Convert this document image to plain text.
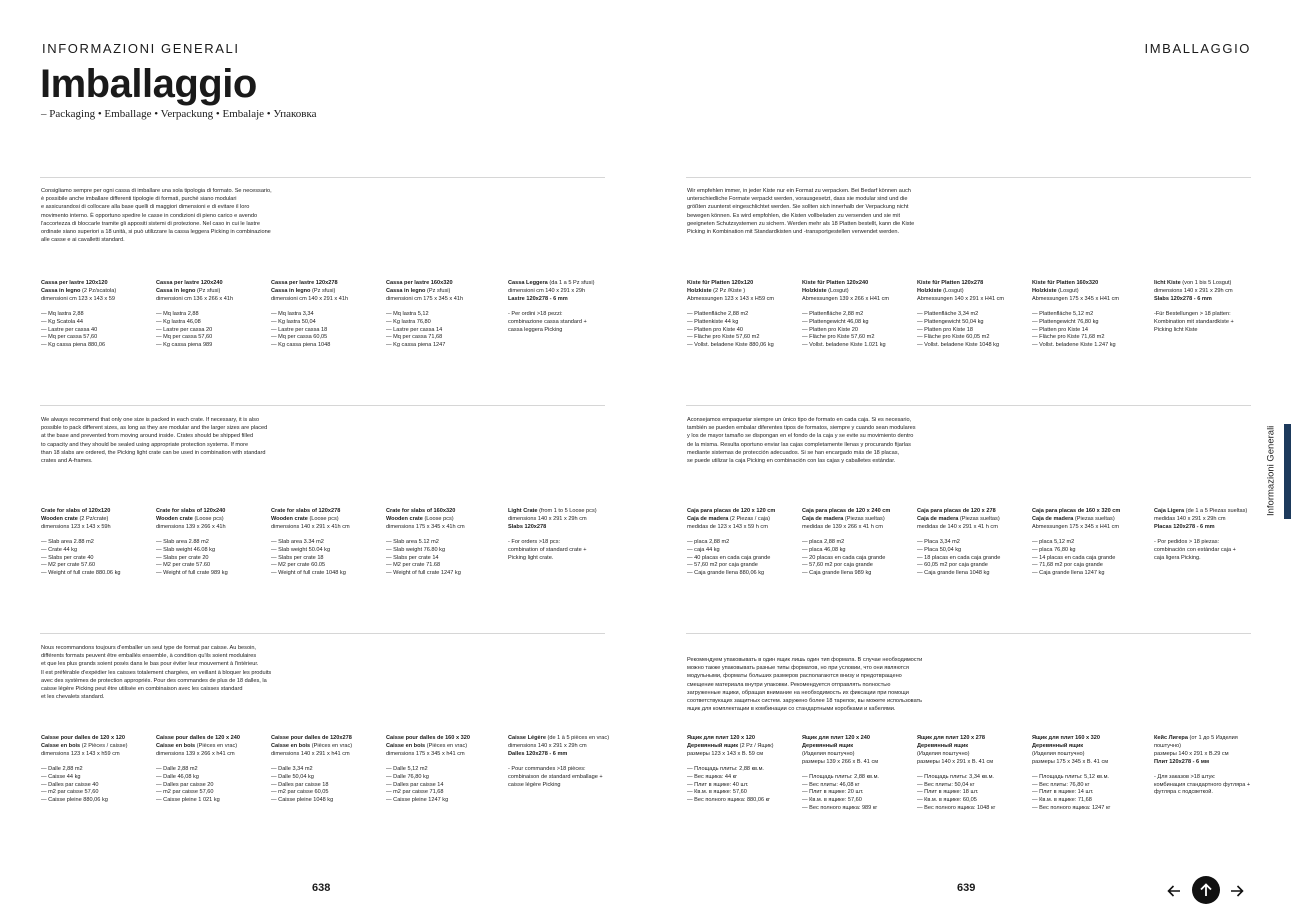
INFORMAZIONI GENERALI	IMBALLAGGIO
Imballaggio
– Packaging • Emballage • Verpackung • Embalaje • Упаковка
Consigliamo sempre per ogni cassa di imballare una sola tipologia di formato. Se necessario,
è possibile anche imballare differenti tipologie di formati, purché siano modulari
e assicurandosi di collocare alla base quelli di maggiori dimensioni e di evitare il loro
movimento interno. È opportuno spedire le casse in condizioni di pieno carico e avendo
l'accortezza di bloccarle tramite gli appositi sistemi di protezione. Nel caso in cui le lastre
ordinate siano superiori a 18 unità, si può utilizzare la cassa leggera Picking in combinazione
alle casse e ai cavalletti standard.
Cassa per lastre 120x120
Cassa in legno (2 Pz/scatola)
dimensioni cm 123 x 143 x 59
— Mq lastra 2,88
— Kg Scatola 44
— Lastre per cassa 40
— Mq per cassa 57,60
— Kg cassa piena 880,06
Cassa per lastre 120x240
Cassa in legno (Pz sfusi)
dimensioni cm 136 x 266 x 41h
— Mq lastra 2,88
— Kg lastra 46,08
— Lastre per cassa 20
— Mq per cassa 57,60
— Kg cassa piena 989
Cassa per lastre 120x278
Cassa in legno (Pz sfusi)
dimensioni cm 140 x 291 x 41h
— Mq lastra 3,34
— Kg lastra 50,04
— Lastre per cassa 18
— Mq per cassa 60,05
— Kg cassa piena 1048
Cassa per lastre 160x320
Cassa in legno (Pz sfusi)
dimensioni cm 175 x 345 x 41h
— Mq lastra 5,12
— Kg lastra 76,80
— Lastre per cassa 14
— Mq per cassa 71,68
— Kg cassa piena 1247
Cassa Leggera (da 1 a 5 Pz sfusi)
dimensioni cm 140 x 291 x 29h
Lastre 120x278 - 6 mm
- Per ordini >18 pezzi:
combinazione cassa standard +
cassa leggera Picking
Wir empfehlen immer, in jeder Kiste nur ein Format zu verpacken. Bei Bedarf können auch
unterschiedliche Formate verpackt werden, vorausgesetzt, dass sie modular sind und die
größten zuunterst eingeschlichtet werden. Sie sollten sich innerhalb der Verpackung nicht
bewegen können. Es wird empfohlen, die Kisten vollbeladen zu versenden und sie mit
geeigneten Schutzsystemen zu sichern. Werden mehr als 18 Platten bestellt, kann die Kiste
Picking in Kombination mit Standardkisten und -transportgestellen verwendet werden.
Kiste für Platten 120x120
Holzkiste (2 Pz /Kiste )
Abmessungen 123 x 143 x H59 cm
— Plattenfläche 2,88 m2
— Plattenkiste 44 kg
— Platten pro Kiste 40
— Fläche pro Kiste 57,60 m2
— Vollst. beladene Kiste 880,06 kg
Kiste für Platten 120x240
Holzkiste (Losgut)
Abmessungen 139 x 266 x H41 cm
— Plattenfläche 2,88 m2
— Plattengewicht 46,08 kg
— Platten pro Kiste 20
— Fläche pro Kiste 57,60 m2
— Vollst. beladene Kiste 1.021 kg
Kiste für Platten 120x278
Holzkiste (Losgut)
Abmessungen 140 x 291 x H41 cm
— Plattenfläche 3,34 m2
— Plattengewicht 50,04 kg
— Platten pro Kiste 18
— Fläche pro Kiste 60,05 m2
— Vollst. beladene Kiste 1048 kg
Kiste für Platten 160x320
Holzkiste (Losgut)
Abmessungen 175 x 345 x H41 cm
— Plattenfläche 5,12 m2
— Plattengewicht 76,80 kg
— Platten pro Kiste 14
— Fläche pro Kiste 71,68 m2
— Vollst. beladene Kiste 1.247 kg
licht Kiste (von 1 bis 5 Losgut)
dimensions 140 x 291 x 29h cm
Slabs 120x278 - 6 mm
-Für Bestellungen > 18 platten:
Kombination mit standardkiste +
Picking licht Kiste
We always recommend that only one size is packed in each crate. If necessary, it is also
possible to pack different sizes, as long as they are modular and the larger sizes are placed
at the base and prevented from moving around inside. Crates should be shipped filled
to capacity and they should be sealed using appropriate protection systems. If more
than 18 slabs are ordered, the Picking light crate can be used in combination with standard
crates and A-frames.
Crate for slabs of 120x120
Wooden crate (2 Pz/crate)
dimensions 123 x 143 x 59h
— Slab area 2.88 m2
— Crate 44 kg
— Slabs per crate 40
— M2 per crate 57.60
— Weight of full crate 880.06 kg
Crate for slabs of 120x240
Wooden crate (Loose pcs)
dimensions 139 x 266 x 41h
— Slab area 2.88 m2
— Slab weight 46.08 kg
— Slabs per crate 20
— M2 per crate 57.60
— Weight of full crate 989 kg
Crate for slabs of 120x278
Wooden crate (Loose pcs)
dimensions 140 x 291 x 41h cm
— Slab area 3.34 m2
— Slab weight 50.04 kg
— Slabs per crate 18
— M2 per crate 60.05
— Weight of full crate 1048 kg
Crate for slabs of 160x320
Wooden crate (Loose pcs)
dimensions 175 x 345 x 41h cm
— Slab area 5.12 m2
— Slab weight 76.80 kg
— Slabs per crate 14
— M2 per crate 71.68
— Weight of full crate 1247 kg
Light Crate (from 1 to 5 Loose pcs)
dimensions 140 x 291 x 29h cm
Slabs 120x278
- For orders >18 pcs:
combination of standard crate +
Picking light crate.
Aconsejamos empaquetar siempre un único tipo de formato en cada caja. Si es necesario,
también se pueden embalar diferentes tipos de formatos, siempre y cuando sean modulares
y los de mayor tamaño se dispongan en el fondo de la caja y se evite su movimiento dentro
de la misma. Resulta oportuno enviar las cajas completamente llenas y procurando fijarlas
mediante sistemas de protección adecuados. Si se han encargado más de 18 placas,
se puede utilizar la caja Picking en combinación con las cajas y caballetes estándar.
Caja para placas de 120 x 120 cm
Caja de madera (2 Piezas / caja)
medidas de 123 x 143 x 59 h cm
— placa 2,88 m2
— caja 44 kg
— 40 placas en cada caja grande
— 57,60 m2 por caja grande
— Caja grande llena 880,06 kg
Caja para placas de 120 x 240 cm
Caja de madera (Piezas sueltas)
medidas de 139 x 266 x 41 h cm
— placa 2,88 m2
— placa 46,08 kg
— 20 placas en cada caja grande
— 57,60 m2 por caja grande
— Caja grande llena 989 kg
Caja para placas de 120 x 278
Caja de madera (Piezas sueltas)
medidas de 140 x 291 x 41 h cm
— Placa 3,34 m2
— Placa 50,04 kg
— 18 placas en cada caja grande
— 60,05 m2 por caja grande
— Caja grande llena 1048 kg
Caja para placas de 160 x 320 cm
Caja de madera (Piezas sueltas)
Abmessungen 175 x 345 x H41 cm
— placa 5,12 m2
— placa 76,80 kg
— 14 placas en cada caja grande
— 71,68 m2 por caja grande
— Caja grande llena 1247 kg
Caja Ligera (de 1 a 5 Piezas sueltas)
medidas 140 x 291 x 29h cm
Placas 120x278 - 6 mm
- Por pedidos > 18 piezas:
combinación con estándar caja +
caja ligera Picking.
Nous recommandons toujours d'emballer un seul type de format par caisse. Au besoin,
différents formats peuvent être emballés ensemble, à condition qu'ils soient modulaires
et que les plus grands soient posés dans le bas pour éviter leur mouvement à l'intérieur.
Il est préférable d'expédier les caisses totalement chargées, en veillant à bloquer les produits
avec des systèmes de protection appropriés. Pour des commandes de plus de 18 dalles, la
caisse légère Picking peut être utilisée en combinaison avec les caisses standard
et les chevalets standard.
Caisse pour dalles de 120 x 120
Caisse en bois (2 Pièces / caisse)
dimensions 123 x 143 x h59 cm
— Dalle 2,88 m2
— Caisse 44 kg
— Dalles par caisse 40
— m2 par caisse 57,60
— Caisse pleine 880,06 kg
Caisse pour dalles de 120 x 240
Caisse en bois (Pièces en vrac)
dimensions 139 x 266 x h41 cm
— Dalle 2,88 m2
— Dalle 46,08 kg
— Dalles par caisse 20
— m2 par caisse 57,60
— Caisse pleine 1 021 kg
Caisse pour dalles de 120x278
Caisse en bois (Pièces en vrac)
dimensions 140 x 291 x h41 cm
— Dalle 3,34 m2
— Dalle 50,04 kg
— Dalles par caisse 18
— m2 par caisse 60,05
— Caisse pleine 1048 kg
Caisse pour dalles de 160 x 320
Caisse en bois (Pièces en vrac)
dimensions 175 x 345 x h41 cm
— Dalle 5,12 m2
— Dalle 76,80 kg
— Dalles par caisse 14
— m2 par caisse 71,68
— Caisse pleine 1247 kg
Caisse Légère (de 1 à 5 pièces en vrac)
dimensions 140 x 291 x 29h cm
Dalles 120x278 - 6 mm
- Pour commandes >18 pièces:
combinaison de standard emballage +
caisse légère Picking
Рекомендуем упаковывать в один ящик лишь один тип формата. В случае необходимости
можно также упаковывать разные типы форматов, но при условии, что они являются
модульными, форматы больших размеров располагаются внизу и предотвращено
смещение материала внутри упаковки. Рекомендуется отправлять полностью
загруженные ящики, обращая внимание на необходимость их фиксации при помощи
соответствующих защитных систем. заружено более 18 тарелок, вы можете использовать
ящик для комплектации в комбинации со стандартными коробками и кабелями.
Ящик для плит 120 x 120
Деревянный ящик (2 Pz / Ящик)
размеры 123 x 143 x В. 59 см
— Площадь плиты: 2,88 кв.м.
— Вес ящика: 44 кг
— Плит в ящике: 40 шт.
— Кв.м. в ящике: 57,60
— Вес полного ящика: 880,06 кг
Ящик для плит 120 x 240
Деревянный ящик
(Изделия поштучно)
размеры 139 x 266 x В. 41 см
— Площадь плиты: 2,88 кв.м.
— Вес плиты: 46,08 кг
— Плит в ящике: 20 шт.
— Кв.м. в ящике: 57,60
— Вес полного ящика: 989 кг
Ящик для плит 120 x 278
Деревянный ящик
(Изделия поштучно)
размеры 140 x 291 x В. 41 см
— Площадь плиты: 3,34 кв.м.
— Вес плиты: 50,04 кг
— Плит в ящике: 18 шт.
— Кв.м. в ящике: 60,05
— Вес полного ящика: 1048 кг
Ящик для плит 160 x 320
Деревянный ящик
(Изделия поштучно)
размеры 175 x 345 x В. 41 см
— Площадь плиты: 5,12 кв.м.
— Вес плиты: 76,80 кг
— Плит в ящике: 14 шт.
— Кв.м. в ящике: 71,68
— Вес полного ящика: 1247 кг
Кейс Лигера (от 1 до 5 Изделия
поштучно)
размеры 140 x 291 x В.29 см
Плит 120x278 - 6 мм
- Для заказов >18 штук:
комбинация стандартного футляра +
футляра с подсветкой.
Informazioni Generali
638	639
